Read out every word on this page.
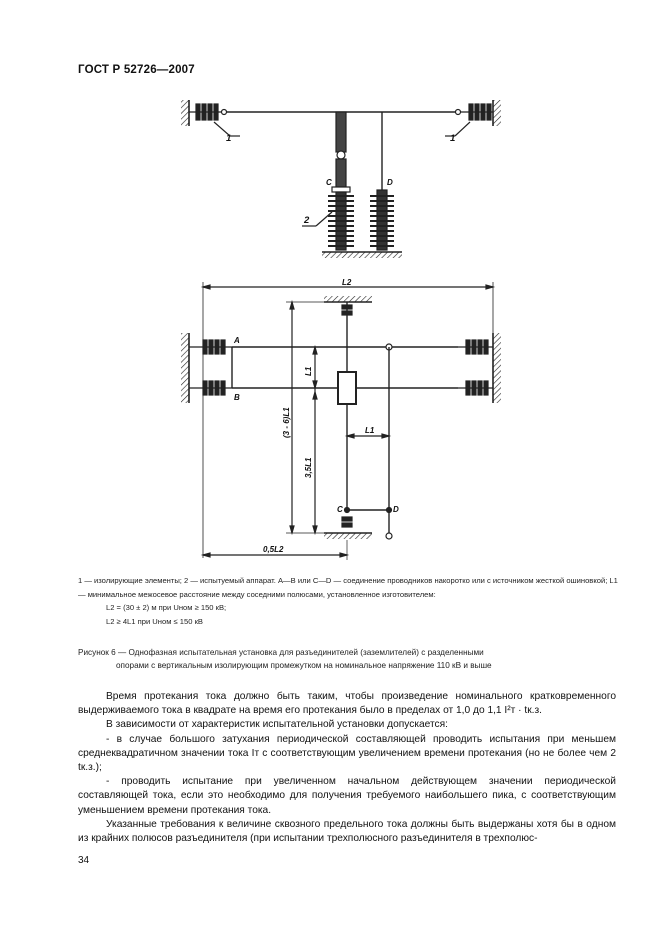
ГОСТ Р 52726—2007
1	1
2
C	D
L2
A
B
C	D
L1
0,5L2
L1
(3 - 6)L1
3,5L1

1 — изолирующие элементы; 2 — испытуемый аппарат. A—B или C—D — соединение проводников накоротко или с источником жесткой ошиновкой; L1 — минимальное межосевое расстояние между соседними полюсами, установленное изготовителем:

L2 = (30 ± 2) м при Uном ≥ 150 кВ;

L2 ≥ 4L1 при Uном ≤ 150 кВ

Рисунок 6 — Однофазная испытательная установка для разъединителей (заземлителей) с разделенными
опорами с вертикальным изолирующим промежутком на номинальное напряжение 110 кВ и выше

Время протекания тока должно быть таким, чтобы произведение номинального кратковременного выдерживаемого тока в квадрате на время его протекания было в пределах от 1,0 до 1,1 I²т · tк.з.

В зависимости от характеристик испытательной установки допускается:

- в случае большого затухания периодической составляющей проводить испытания при меньшем среднеквадратичном значении тока Iт с соответствующим увеличением времени протекания (но не более чем 2 tк.з.);

- проводить испытание при увеличенном начальном действующем значении периодической составляющей тока, если это необходимо для получения требуемого наибольшего пика, с соответствующим уменьшением времени протекания тока.

Указанные требования к величине сквозного предельного тока должны быть выдержаны хотя бы в одном из крайних полюсов разъединителя (при испытании трехполюсного разъединителя в трехполюс-

34
